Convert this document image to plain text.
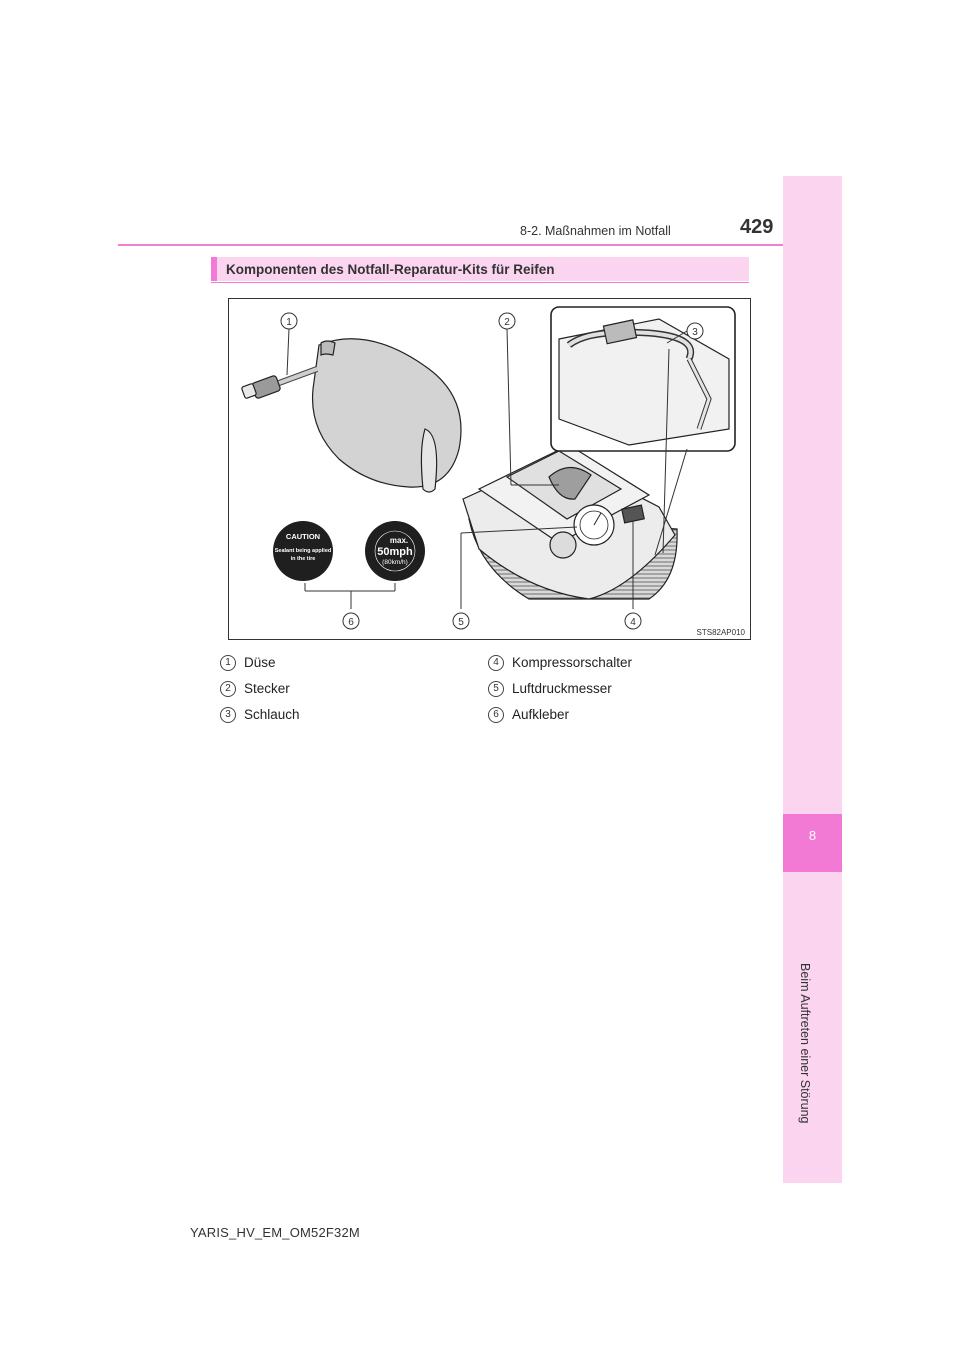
8-2. Maßnahmen im Notfall	429
8
Beim Auftreten einer Störung
Komponenten des Notfall-Reparatur-Kits für Reifen
CAUTION
Sealant being applied
in the tire
max.
50mph
(80km/h)
1	2
3
4
5
6
STS82AP010
1 Düse
2 Stecker
3 Schlauch
4 Kompressorschalter
5 Luftdruckmesser
6 Aufkleber
YARIS_HV_EM_OM52F32M
